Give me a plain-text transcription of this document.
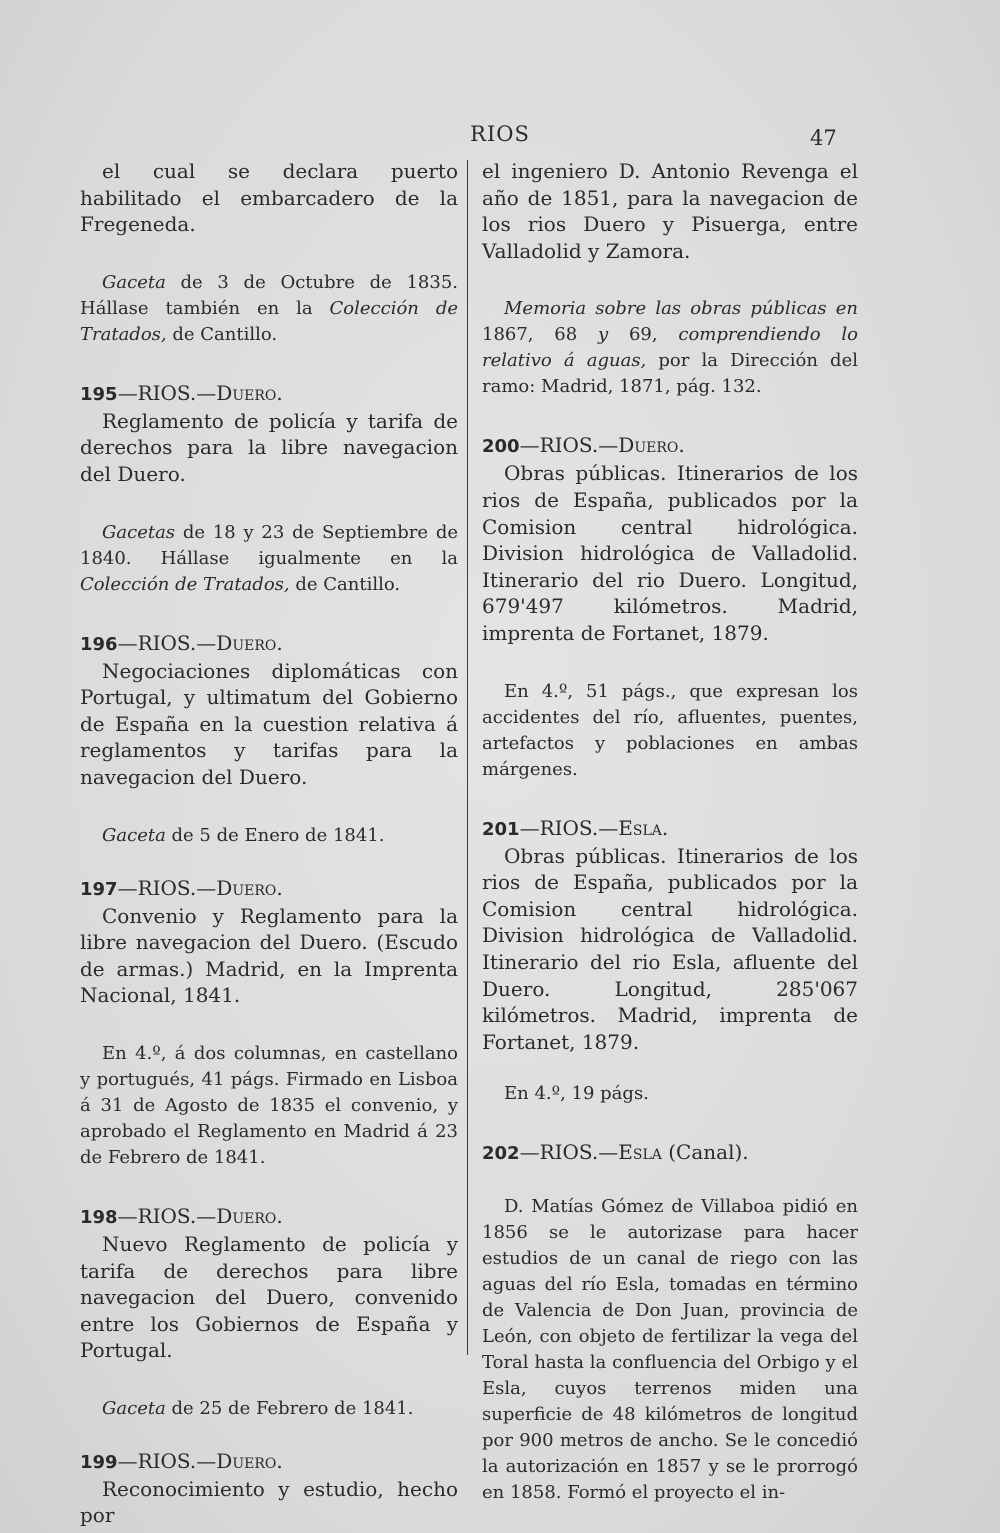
RIOS	47

el cual se declara puerto habilitado el embarcadero de la Fregeneda.

Gaceta de 3 de Octubre de 1835. Hállase también en la Colección de Tratados, de Cantillo.

195—RIOS.—Duero.

Reglamento de policía y tarifa de derechos para la libre navegacion del Duero.

Gacetas de 18 y 23 de Septiembre de 1840. Hállase igualmente en la Colección de Tratados, de Cantillo.

196—RIOS.—Duero.

Negociaciones diplomáticas con Portugal, y ultimatum del Gobierno de España en la cuestion relativa á reglamentos y tarifas para la navegacion del Duero.

Gaceta de 5 de Enero de 1841.

197—RIOS.—Duero.

Convenio y Reglamento para la libre navegacion del Duero. (Escudo de armas.) Madrid, en la Imprenta Nacional, 1841.

En 4.º, á dos columnas, en castellano y portugués, 41 págs. Firmado en Lisboa á 31 de Agosto de 1835 el convenio, y aprobado el Reglamento en Madrid á 23 de Febrero de 1841.

198—RIOS.—Duero.

Nuevo Reglamento de policía y tarifa de derechos para libre navegacion del Duero, convenido entre los Gobiernos de España y Portugal.

Gaceta de 25 de Febrero de 1841.

199—RIOS.—Duero.

Reconocimiento y estudio, hecho por

el ingeniero D. Antonio Revenga el año de 1851, para la navegacion de los rios Duero y Pisuerga, entre Valladolid y Zamora.

Memoria sobre las obras públicas en 1867, 68 y 69, comprendiendo lo relativo á aguas, por la Dirección del ramo: Madrid, 1871, pág. 132.

200—RIOS.—Duero.

Obras públicas. Itinerarios de los rios de España, publicados por la Comision central hidrológica. Division hidrológica de Valladolid. Itinerario del rio Duero. Longitud, 679'497 kilómetros. Madrid, imprenta de Fortanet, 1879.

En 4.º, 51 págs., que expresan los accidentes del río, afluentes, puentes, artefactos y poblaciones en ambas márgenes.

201—RIOS.—Esla.

Obras públicas. Itinerarios de los rios de España, publicados por la Comision central hidrológica. Division hidrológica de Valladolid. Itinerario del rio Esla, afluente del Duero. Longitud, 285'067 kilómetros. Madrid, imprenta de Fortanet, 1879.

En 4.º, 19 págs.

202—RIOS.—Esla (Canal).

D. Matías Gómez de Villaboa pidió en 1856 se le autorizase para hacer estudios de un canal de riego con las aguas del río Esla, tomadas en término de Valencia de Don Juan, provincia de León, con objeto de fertilizar la vega del Toral hasta la confluencia del Orbigo y el Esla, cuyos terrenos miden una superficie de 48 kilómetros de longitud por 900 metros de ancho. Se le concedió la autorización en 1857 y se le prorrogó en 1858. Formó el proyecto el in-
